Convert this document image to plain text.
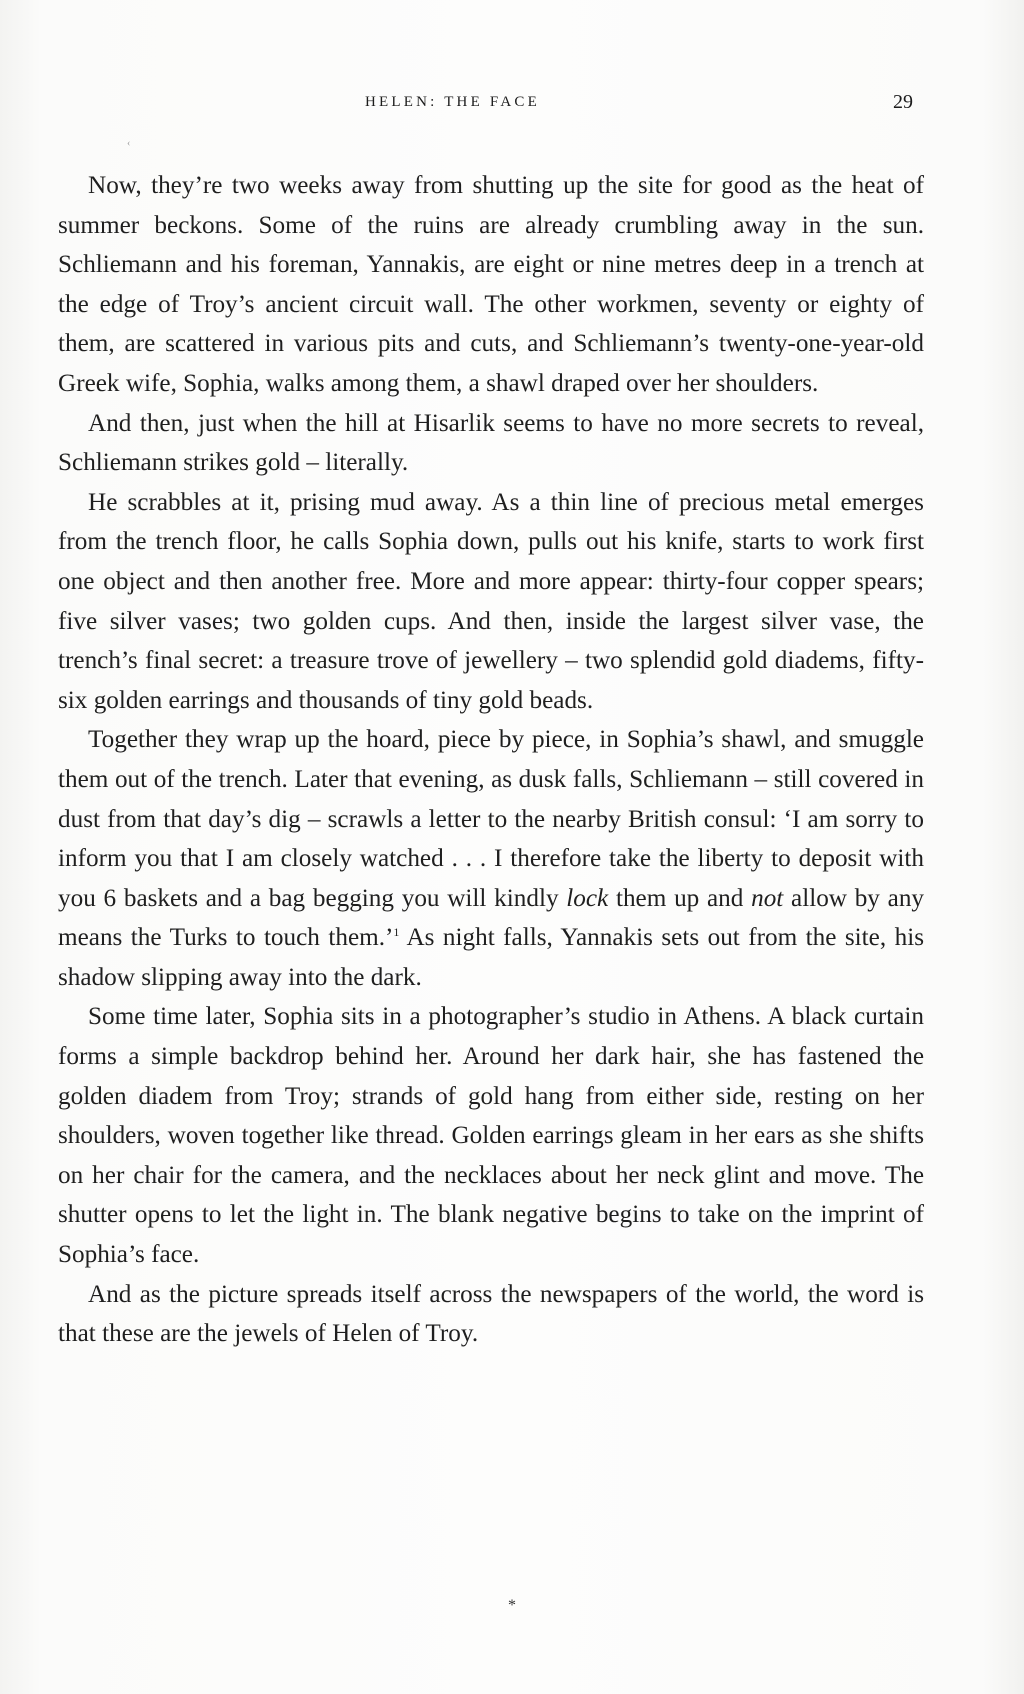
HELEN: THE FACE	29
‹

Now, they’re two weeks away from shutting up the site for good as the heat of summer beckons. Some of the ruins are already crumbling away in the sun. Schliemann and his foreman, Yannakis, are eight or nine metres deep in a trench at the edge of Troy’s ancient circuit wall. The other workmen, seventy or eighty of them, are scattered in various pits and cuts, and Schliemann’s twenty-one-year-old Greek wife, Sophia, walks among them, a shawl draped over her shoulders.

And then, just when the hill at Hisarlik seems to have no more secrets to reveal, Schliemann strikes gold – literally.

He scrabbles at it, prising mud away. As a thin line of precious metal emerges from the trench floor, he calls Sophia down, pulls out his knife, starts to work first one object and then another free. More and more appear: thirty-four copper spears; five silver vases; two golden cups. And then, inside the largest silver vase, the trench’s final secret: a treasure trove of jewellery – two splendid gold diadems, fifty-six golden earrings and thousands of tiny gold beads.

Together they wrap up the hoard, piece by piece, in Sophia’s shawl, and smuggle them out of the trench. Later that evening, as dusk falls, Schliemann – still covered in dust from that day’s dig – scrawls a letter to the nearby British consul: ‘I am sorry to inform you that I am closely watched . . . I therefore take the liberty to deposit with you 6 baskets and a bag begging you will kindly lock them up and not allow by any means the Turks to touch them.’$^1$ As night falls, Yannakis sets out from the site, his shadow slipping away into the dark.

Some time later, Sophia sits in a photographer’s studio in Athens. A black curtain forms a simple backdrop behind her. Around her dark hair, she has fastened the golden diadem from Troy; strands of gold hang from either side, resting on her shoulders, woven together like thread. Golden earrings gleam in her ears as she shifts on her chair for the camera, and the necklaces about her neck glint and move. The shutter opens to let the light in. The blank negative begins to take on the imprint of Sophia’s face.

And as the picture spreads itself across the newspapers of the world, the word is that these are the jewels of Helen of Troy.

*
